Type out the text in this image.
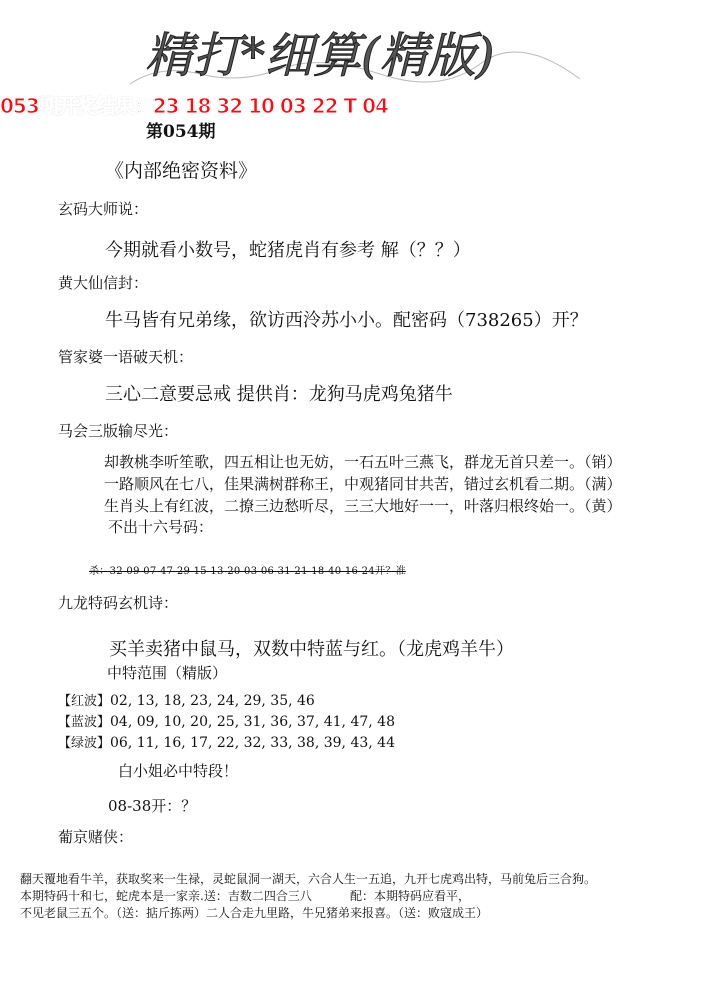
精打*细算(精版)
053期开奖结果：23 18 32 10 03 22 T 04
第054期
《内部绝密资料》
玄码大师说：
今期就看小数号，蛇猪虎肖有参考 解（？？）
黄大仙信封：
牛马皆有兄弟缘，欲访西泠苏小小。配密码（738265）开？
管家婆一语破天机：
三心二意要忌戒 提供肖：龙狗马虎鸡兔猪牛
马会三版输尽光：
却教桃李听笙歌，四五相让也无妨，一石五叶三燕飞，群龙无首只差一。（销）
一路顺风在七八，佳果满树群称王，中观猪同甘共苦，错过玄机看二期。（满）
生肖头上有红波，二撩三边愁听尽，三三大地好一一，叶落归根终始一。（黄）
不出十六号码：
杀：32 09 07 47 29 15 13 20 03 06 31 21 18 40 16 24开？准
九龙特码玄机诗：
买羊卖猪中鼠马，双数中特蓝与红。（龙虎鸡羊牛）
中特范围（精版）
【红波】02, 13, 18, 23, 24, 29, 35, 46
【蓝波】04, 09, 10, 20, 25, 31, 36, 37, 41, 47, 48
【绿波】06, 11, 16, 17, 22, 32, 33, 38, 39, 43, 44
白小姐必中特段！
08-38开：？
葡京赌侠：
翻天覆地看牛羊，获取奖来一生禄，灵蛇鼠洞一湖天，六合人生一五追，九开七虎鸡出特，马前兔后三合狗。
本期特码十和七，蛇虎本是一家亲.送：吉数二四合三八          配：本期特码应看平，
不见老鼠三五个。（送：掂斤拣两）二人合走九里路，牛兄猪弟来报喜。（送：败寇成王）
